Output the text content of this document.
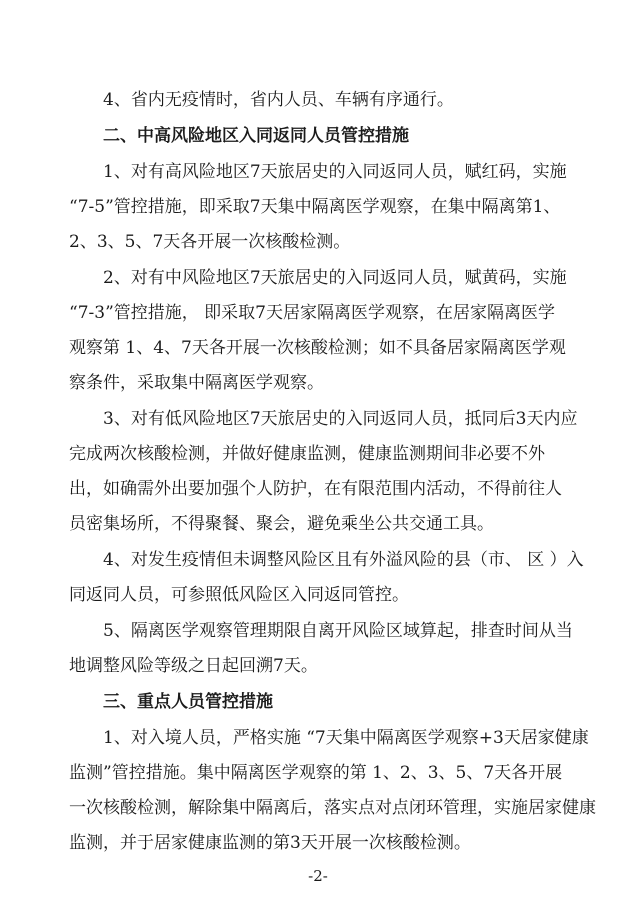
4、省内无疫情时，省内人员、车辆有序通行。
二、中高风险地区入同返同人员管控措施
1、对有高风险地区7天旅居史的入同返同人员，赋红码，实施
“7-5”管控措施，即采取7天集中隔离医学观察，在集中隔离第1、
2、3、5、7天各开展一次核酸检测。
2、对有中风险地区7天旅居史的入同返同人员，赋黄码，实施
“7-3”管控措施， 即采取7天居家隔离医学观察，在居家隔离医学
观察第 1、4、7天各开展一次核酸检测；如不具备居家隔离医学观
察条件，采取集中隔离医学观察。
3、对有低风险地区7天旅居史的入同返同人员，抵同后3天内应
完成两次核酸检测，并做好健康监测，健康监测期间非必要不外
出，如确需外出要加强个人防护，在有限范围内活动，不得前往人
员密集场所，不得聚餐、聚会，避免乘坐公共交通工具。
4、对发生疫情但未调整风险区且有外溢风险的县（市、 区 ）入
同返同人员，可参照低风险区入同返同管控。
5、隔离医学观察管理期限自离开风险区域算起，排查时间从当
地调整风险等级之日起回溯7天。
三、重点人员管控措施
1、对入境人员，严格实施 “7天集中隔离医学观察+3天居家健康
监测”管控措施。集中隔离医学观察的第 1、2、3、5、7天各开展
一次核酸检测，解除集中隔离后，落实点对点闭环管理，实施居家健康
监测，并于居家健康监测的第3天开展一次核酸检测。
-2-
